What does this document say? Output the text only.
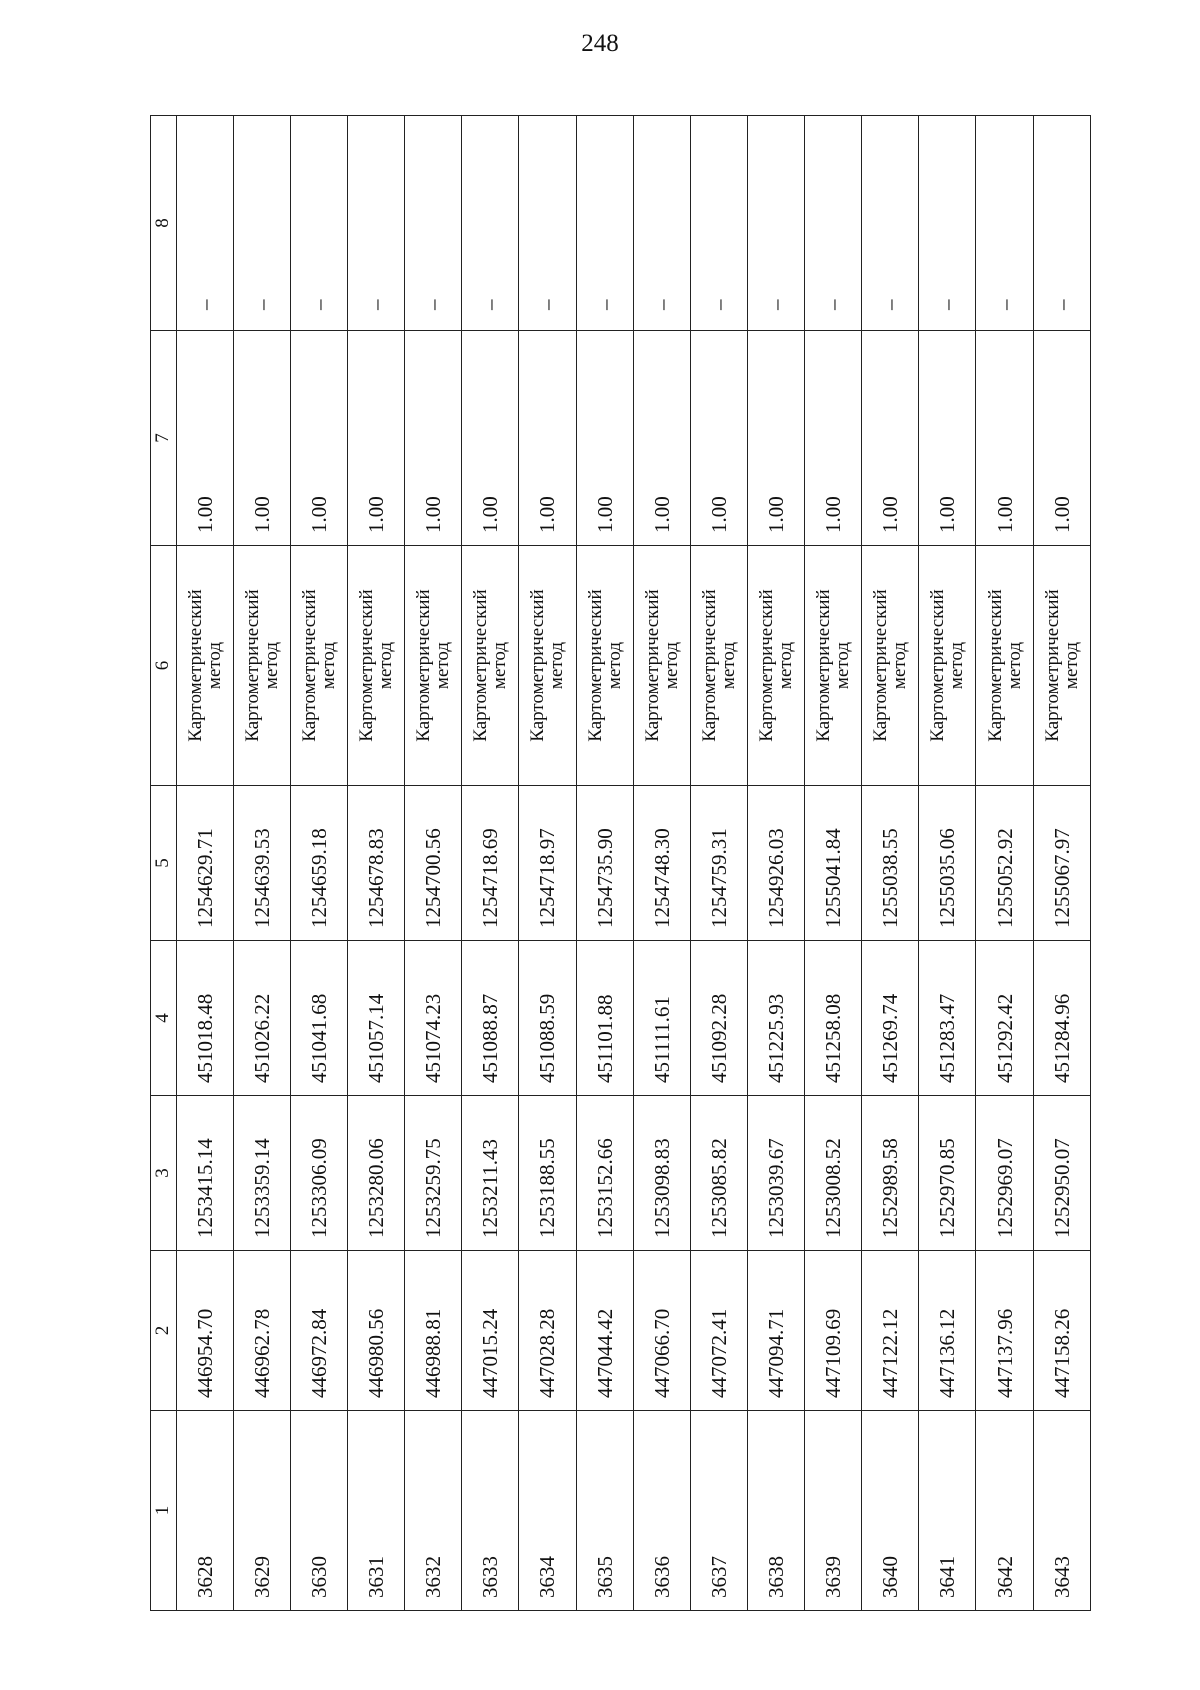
248
1	2	3	4	5	6	7	8
3628	446954.70	1253415.14	451018.48	1254629.71	Картометрический
метод	1.00	–
3629	446962.78	1253359.14	451026.22	1254639.53	Картометрический
метод	1.00	–
3630	446972.84	1253306.09	451041.68	1254659.18	Картометрический
метод	1.00	–
3631	446980.56	1253280.06	451057.14	1254678.83	Картометрический
метод	1.00	–
3632	446988.81	1253259.75	451074.23	1254700.56	Картометрический
метод	1.00	–
3633	447015.24	1253211.43	451088.87	1254718.69	Картометрический
метод	1.00	–
3634	447028.28	1253188.55	451088.59	1254718.97	Картометрический
метод	1.00	–
3635	447044.42	1253152.66	451101.88	1254735.90	Картометрический
метод	1.00	–
3636	447066.70	1253098.83	451111.61	1254748.30	Картометрический
метод	1.00	–
3637	447072.41	1253085.82	451092.28	1254759.31	Картометрический
метод	1.00	–
3638	447094.71	1253039.67	451225.93	1254926.03	Картометрический
метод	1.00	–
3639	447109.69	1253008.52	451258.08	1255041.84	Картометрический
метод	1.00	–
3640	447122.12	1252989.58	451269.74	1255038.55	Картометрический
метод	1.00	–
3641	447136.12	1252970.85	451283.47	1255035.06	Картометрический
метод	1.00	–
3642	447137.96	1252969.07	451292.42	1255052.92	Картометрический
метод	1.00	–
3643	447158.26	1252950.07	451284.96	1255067.97	Картометрический
метод	1.00	–
